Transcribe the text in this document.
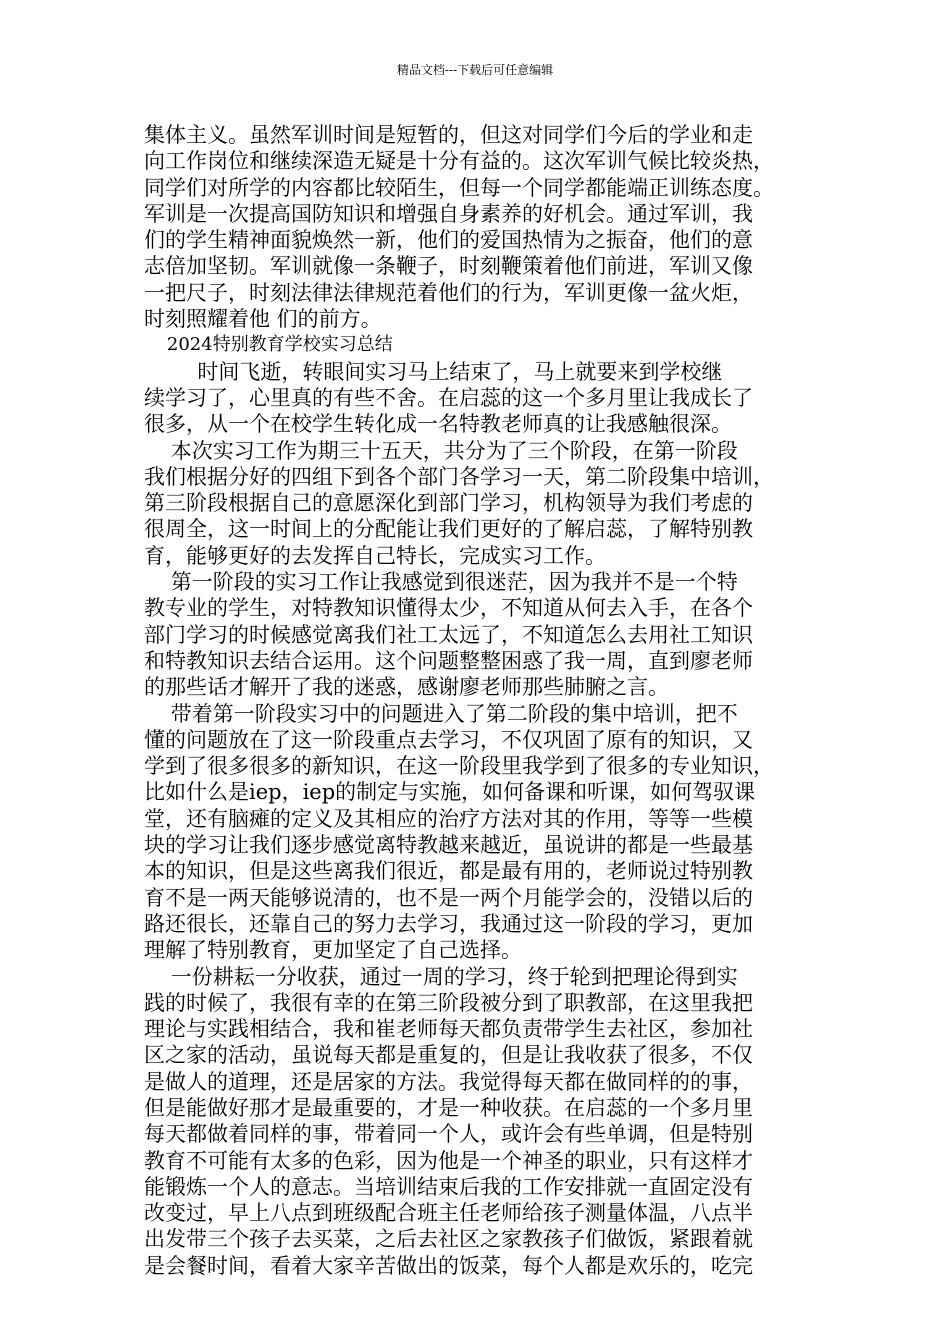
精品文档---下载后可任意编辑
集体主义。虽然军训时间是短暂的，但这对同学们今后的学业和走
向工作岗位和继续深造无疑是十分有益的。这次军训气候比较炎热，
同学们对所学的内容都比较陌生，但每一个同学都能端正训练态度。
军训是一次提高国防知识和增强自身素养的好机会。通过军训，我
们的学生精神面貌焕然一新，他们的爱国热情为之振奋，他们的意
志倍加坚韧。军训就像一条鞭子，时刻鞭策着他们前进，军训又像
一把尺子，时刻法律法律规范着他们的行为，军训更像一盆火炬，
时刻照耀着他 们的前方。
2024特别教育学校实习总结
时间飞逝，转眼间实习马上结束了，马上就要来到学校继
续学习了，心里真的有些不舍。在启蕊的这一个多月里让我成长了
很多，从一个在校学生转化成一名特教老师真的让我感触很深。
本次实习工作为期三十五天，共分为了三个阶段，在第一阶段
我们根据分好的四组下到各个部门各学习一天，第二阶段集中培训，
第三阶段根据自己的意愿深化到部门学习，机构领导为我们考虑的
很周全，这一时间上的分配能让我们更好的了解启蕊，了解特别教
育，能够更好的去发挥自己特长，完成实习工作。
第一阶段的实习工作让我感觉到很迷茫，因为我并不是一个特
教专业的学生，对特教知识懂得太少，不知道从何去入手，在各个
部门学习的时候感觉离我们社工太远了，不知道怎么去用社工知识
和特教知识去结合运用。这个问题整整困惑了我一周，直到廖老师
的那些话才解开了我的迷惑，感谢廖老师那些肺腑之言。
带着第一阶段实习中的问题进入了第二阶段的集中培训，把不
懂的问题放在了这一阶段重点去学习，不仅巩固了原有的知识，又
学到了很多很多的新知识，在这一阶段里我学到了很多的专业知识，
比如什么是iep，iep的制定与实施，如何备课和听课，如何驾驭课
堂，还有脑瘫的定义及其相应的治疗方法对其的作用，等等一些模
块的学习让我们逐步感觉离特教越来越近，虽说讲的都是一些最基
本的知识，但是这些离我们很近，都是最有用的，老师说过特别教
育不是一两天能够说清的，也不是一两个月能学会的，没错以后的
路还很长，还靠自己的努力去学习，我通过这一阶段的学习，更加
理解了特别教育，更加坚定了自己选择。
一份耕耘一分收获，通过一周的学习，终于轮到把理论得到实
践的时候了，我很有幸的在第三阶段被分到了职教部，在这里我把
理论与实践相结合，我和崔老师每天都负责带学生去社区，参加社
区之家的活动，虽说每天都是重复的，但是让我收获了很多，不仅
是做人的道理，还是居家的方法。我觉得每天都在做同样的的事，
但是能做好那才是最重要的，才是一种收获。在启蕊的一个多月里
每天都做着同样的事，带着同一个人，或许会有些单调，但是特别
教育不可能有太多的色彩，因为他是一个神圣的职业，只有这样才
能锻炼一个人的意志。当培训结束后我的工作安排就一直固定没有
改变过，早上八点到班级配合班主任老师给孩子测量体温，八点半
出发带三个孩子去买菜，之后去社区之家教孩子们做饭，紧跟着就
是会餐时间，看着大家辛苦做出的饭菜，每个人都是欢乐的，吃完
